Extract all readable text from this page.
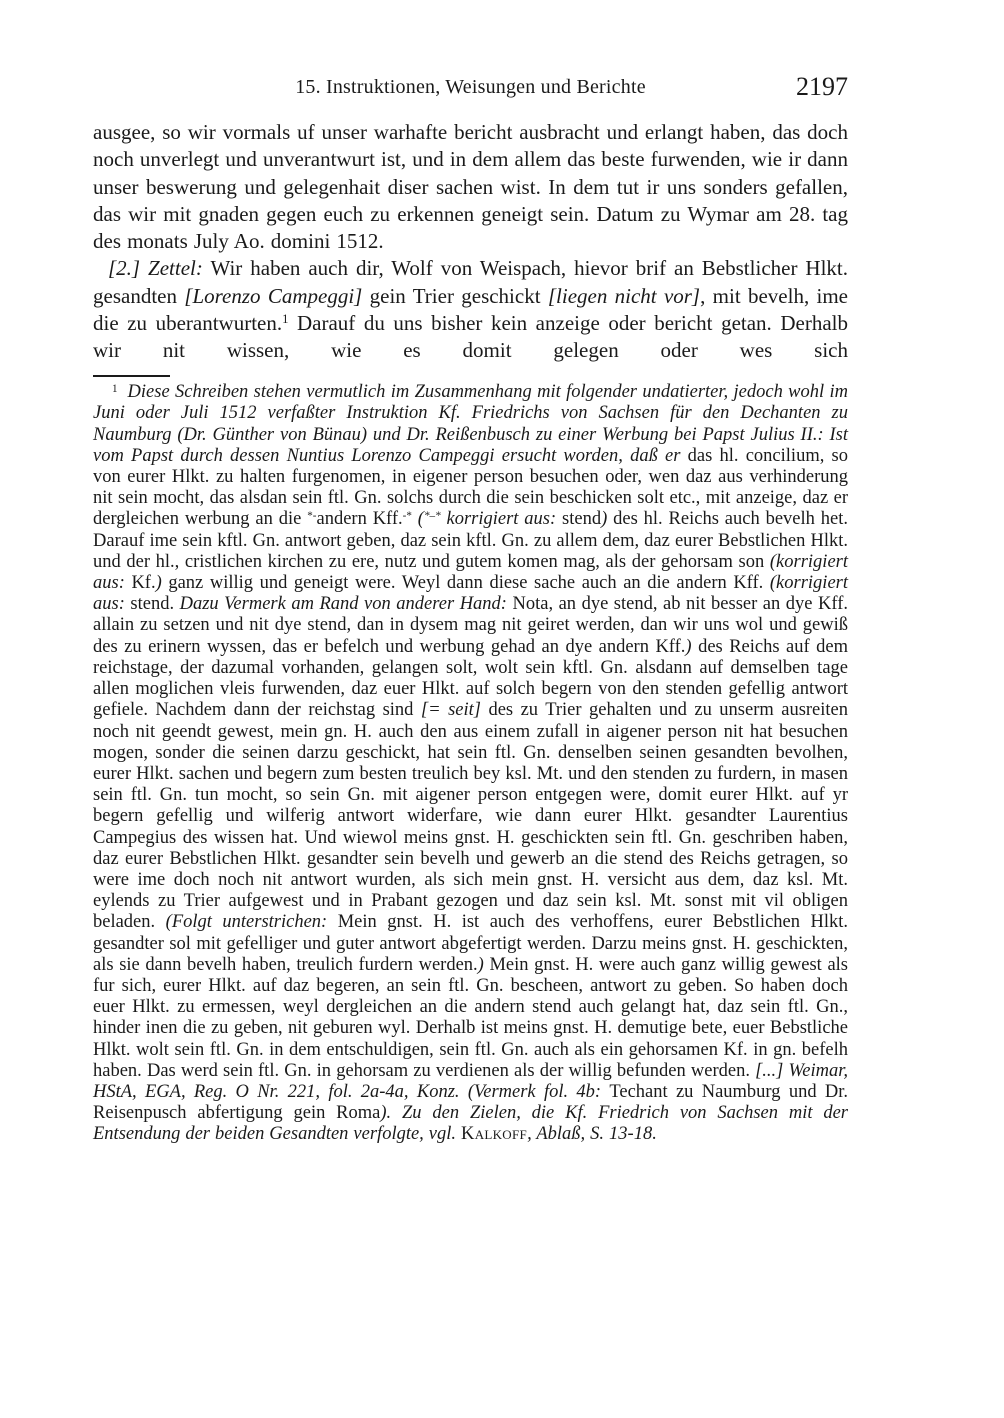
15. Instruktionen, Weisungen und Berichte	2197

ausgee, so wir vormals uf unser warhafte bericht ausbracht und erlangt haben, das doch noch unverlegt und unverantwurt ist, und in dem allem das beste furwenden, wie ir dann unser beswerung und gelegenhait diser sachen wist. In dem tut ir uns sonders gefallen, das wir mit gnaden gegen euch zu erkennen geneigt sein. Datum zu Wymar am 28. tag des monats July Ao. domini 1512.

[2.] Zettel: Wir haben auch dir, Wolf von Weispach, hievor brif an Bebstlicher Hlkt. gesandten [Lorenzo Campeggi] gein Trier geschickt [liegen nicht vor], mit bevelh, ime die zu uberantwurten.$^1$ Darauf du uns bisher kein anzeige oder bericht getan. Derhalb wir nit wissen, wie es domit gelegen oder wes sich

$^1$ Diese Schreiben stehen vermutlich im Zusammenhang mit folgender undatierter, jedoch wohl im Juni oder Juli 1512 verfaßter Instruktion Kf. Friedrichs von Sachsen für den Dechanten zu Naumburg (Dr. Günther von Bünau) und Dr. Reißenbusch zu einer Werbung bei Papst Julius II.: Ist vom Papst durch dessen Nuntius Lorenzo Campeggi ersucht worden, daß er das hl. concilium, so von eurer Hlkt. zu halten furgenomen, in eigener person besuchen oder, wen daz aus verhinderung nit sein mocht, das alsdan sein ftl. Gn. solchs durch die sein beschicken solt etc., mit anzeige, daz er dergleichen werbung an die *-andern Kff.-* (*–* korrigiert aus: stend) des hl. Reichs auch bevelh het. Darauf ime sein kftl. Gn. antwort geben, daz sein kftl. Gn. zu allem dem, daz eurer Bebstlichen Hlkt. und der hl., cristlichen kirchen zu ere, nutz und gutem komen mag, als der gehorsam son (korrigiert aus: Kf.) ganz willig und geneigt were. Weyl dann diese sache auch an die andern Kff. (korrigiert aus: stend. Dazu Vermerk am Rand von anderer Hand: Nota, an dye stend, ab nit besser an dye Kff. allain zu setzen und nit dye stend, dan in dysem mag nit geiret werden, dan wir uns wol und gewiß des zu erinern wyssen, das er befelch und werbung gehad an dye andern Kff.) des Reichs auf dem reichstage, der dazumal vorhanden, gelangen solt, wolt sein kftl. Gn. alsdann auf demselben tage allen moglichen vleis furwenden, daz euer Hlkt. auf solch begern von den stenden gefellig antwort gefiele. Nachdem dann der reichstag sind [= seit] des zu Trier gehalten und zu unserm ausreiten noch nit geendt gewest, mein gn. H. auch den aus einem zufall in aigener person nit hat besuchen mogen, sonder die seinen darzu geschickt, hat sein ftl. Gn. denselben seinen gesandten bevolhen, eurer Hlkt. sachen und begern zum besten treulich bey ksl. Mt. und den stenden zu furdern, in masen sein ftl. Gn. tun mocht, so sein Gn. mit aigener person entgegen were, domit eurer Hlkt. auf yr begern gefellig und wilferig antwort widerfare, wie dann eurer Hlkt. gesandter Laurentius Campegius des wissen hat. Und wiewol meins gnst. H. geschickten sein ftl. Gn. geschriben haben, daz eurer Bebstlichen Hlkt. gesandter sein bevelh und gewerb an die stend des Reichs getragen, so were ime doch noch nit antwort wurden, als sich mein gnst. H. versicht aus dem, daz ksl. Mt. eylends zu Trier aufgewest und in Prabant gezogen und daz sein ksl. Mt. sonst mit vil obligen beladen. (Folgt unterstrichen: Mein gnst. H. ist auch des verhoffens, eurer Bebstlichen Hlkt. gesandter sol mit gefelliger und guter antwort abgefertigt werden. Darzu meins gnst. H. geschickten, als sie dann bevelh haben, treulich furdern werden.) Mein gnst. H. were auch ganz willig gewest als fur sich, eurer Hlkt. auf daz begeren, an sein ftl. Gn. bescheen, antwort zu geben. So haben doch euer Hlkt. zu ermessen, weyl dergleichen an die andern stend auch gelangt hat, daz sein ftl. Gn., hinder inen die zu geben, nit geburen wyl. Derhalb ist meins gnst. H. demutige bete, euer Bebstliche Hlkt. wolt sein ftl. Gn. in dem entschuldigen, sein ftl. Gn. auch als ein gehorsamen Kf. in gn. befelh haben. Das werd sein ftl. Gn. in gehorsam zu verdienen als der willig befunden werden. [...] Weimar, HStA, EGA, Reg. O Nr. 221, fol. 2a-4a, Konz. (Vermerk fol. 4b: Techant zu Naumburg und Dr. Reisenpusch abfertigung gein Roma). Zu den Zielen, die Kf. Friedrich von Sachsen mit der Entsendung der beiden Gesandten verfolgte, vgl. Kalkoff, Ablaß, S. 13-18.
